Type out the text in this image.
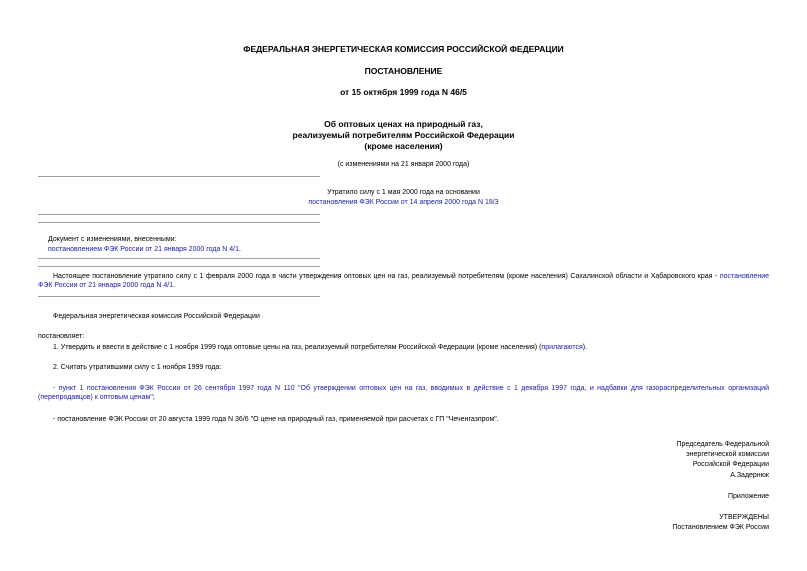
ФЕДЕРАЛЬНАЯ ЭНЕРГЕТИЧЕСКАЯ КОМИССИЯ РОССИЙСКОЙ ФЕДЕРАЦИИ
ПОСТАНОВЛЕНИЕ
от 15 октября 1999 года N 46/5
Об оптовых ценах на природный газ,
реализуемый потребителям Российской Федерации
(кроме населения)
(с изменениями на 21 января 2000 года)
Утратило силу с 1 мая 2000 года на основании
постановления ФЭК России от 14 апреля 2000 года N 18/3
Документ с изменениями, внесенными:
постановлением ФЭК России от 21 января 2000 года N 4/1.
Настоящее постановление утратило силу с 1 февраля 2000 года в части утверждения оптовых цен на газ, реализуемый потребителям (кроме населения) Сахалинской области и Хабаровского края - постановление ФЭК России от 21 января 2000 года N 4/1.
Федеральная энергетическая комиссия Российской Федерации
постановляет:
1. Утвердить и ввести в действие с 1 ноября 1999 года оптовые цены на газ, реализуемый потребителям Российской Федерации (кроме населения) (прилагаются).
2. Считать утратившими силу с 1 ноября 1999 года:
- пункт 1 постановления ФЭК России от 26 сентября 1997 года N 110 "Об утверждении оптовых цен на газ, вводимых в действие с 1 декабря 1997 года, и надбавки для газораспределительных организаций (перепродавцов) к оптовым ценам";
- постановление ФЭК России от 20 августа 1999 года N 36/6 "О цене на природный газ, применяемой при расчетах с ГП "Чеченгазпром".
Председатель Федеральной
энергетической комиссии
Российской Федерации
А.Задернюк
Приложение
УТВЕРЖДЕНЫ
Постановлением ФЭК России
